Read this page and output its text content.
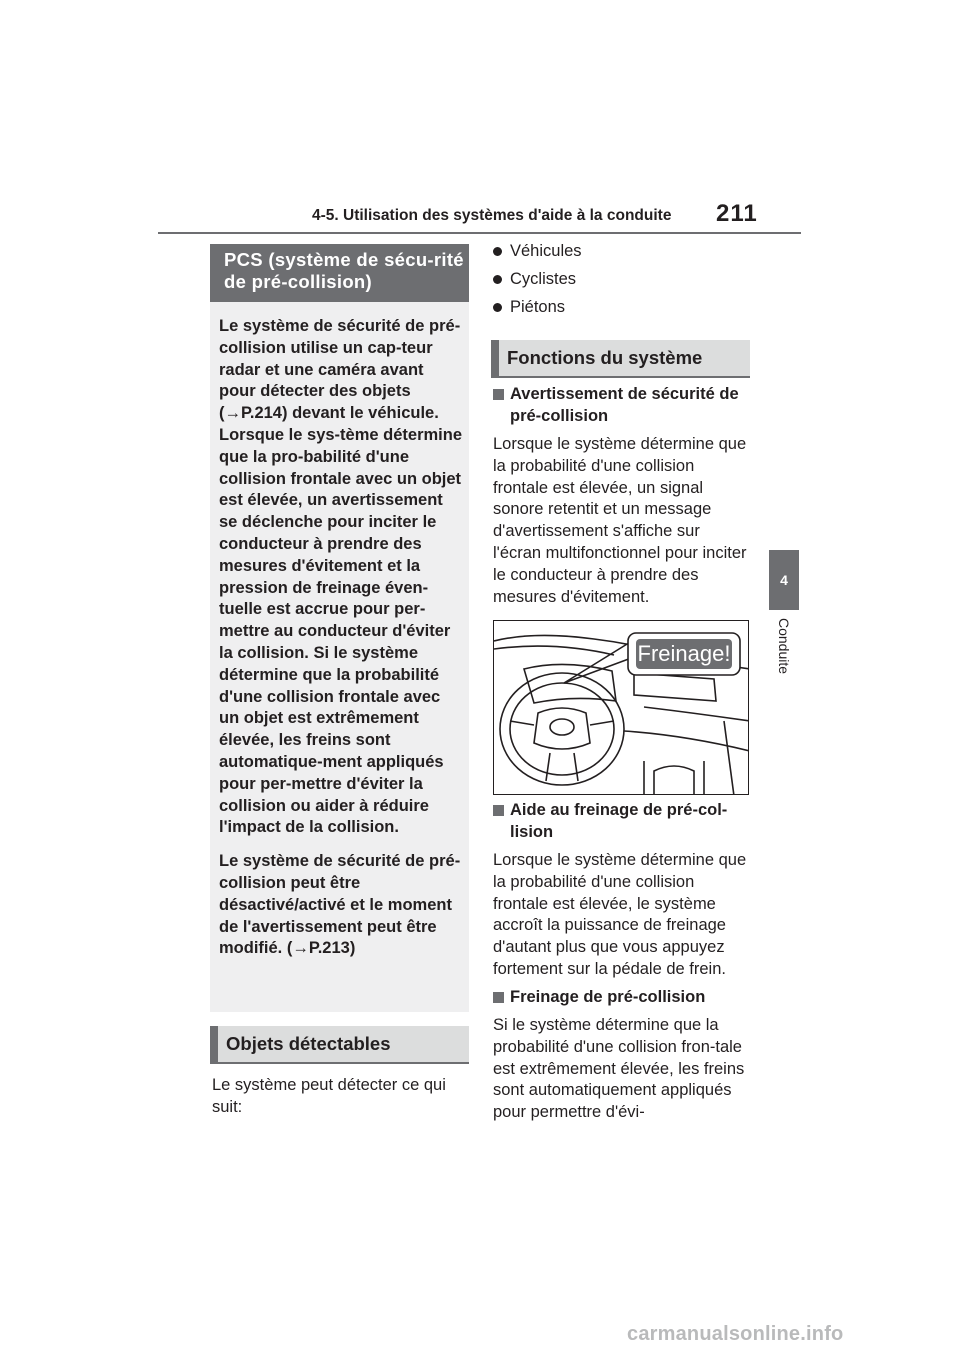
4-5. Utilisation des systèmes d'aide à la conduite 211
4
Conduite
PCS (système de sécu-rité de pré-collision)

Le système de sécurité de pré-collision utilise un cap-teur radar et une caméra avant pour détecter des objets (→P.214) devant le véhicule. Lorsque le sys-tème détermine que la pro-babilité d'une collision frontale avec un objet est élevée, un avertissement se déclenche pour inciter le conducteur à prendre des mesures d'évitement et la pression de freinage éven-tuelle est accrue pour per-mettre au conducteur d'éviter la collision. Si le système détermine que la probabilité d'une collision frontale avec un objet est extrêmement élevée, les freins sont automatique-ment appliqués pour per-mettre d'éviter la collision ou aider à réduire l'impact de la collision.

Le système de sécurité de pré-collision peut être désactivé/activé et le moment de l'avertissement peut être modifié. (→P.213)

Objets détectables

Le système peut détecter ce qui suit:

Véhicules
Cyclistes
Piétons
Fonctions du système
Avertissement de sécurité de pré-collision

Lorsque le système détermine que la probabilité d'une collision frontale est élevée, un signal sonore retentit et un message d'avertissement s'affiche sur l'écran multifonctionnel pour inciter le conducteur à prendre des mesures d'évitement.

Freinage!
Aide au freinage de pré-col-lision

Lorsque le système détermine que la probabilité d'une collision frontale est élevée, le système accroît la puissance de freinage d'autant plus que vous appuyez fortement sur la pédale de frein.

Freinage de pré-collision

Si le système détermine que la probabilité d'une collision fron-tale est extrêmement élevée, les freins sont automatiquement appliqués pour permettre d'évi-

carmanualsonline.info
